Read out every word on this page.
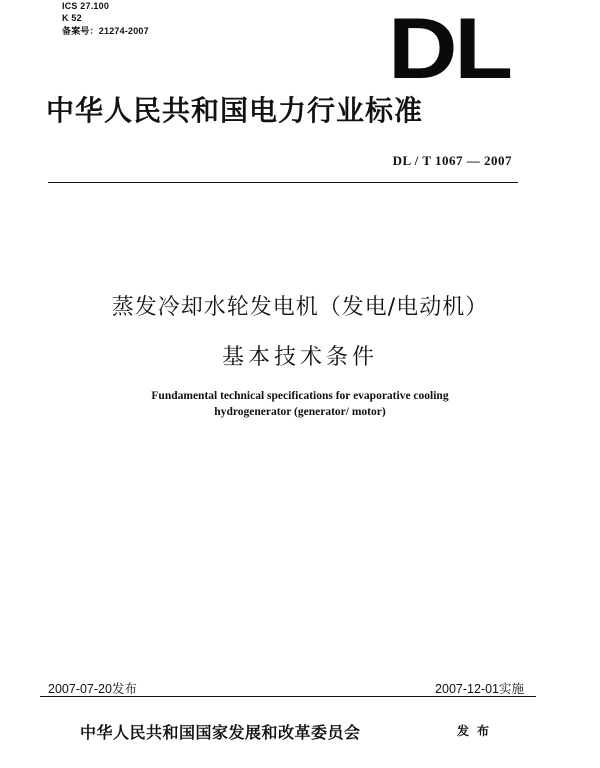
ICS 27.100
K 52
备案号：21274-2007	DL
中华人民共和国电力行业标准
DL / T 1067 — 2007
蒸发冷却水轮发电机（发电/电动机）
基本技术条件
Fundamental technical specifications for evaporative cooling
hydrogenerator (generator/ motor)
2007-07-20发布	2007-12-01实施
中华人民共和国国家发展和改革委员会	发布
